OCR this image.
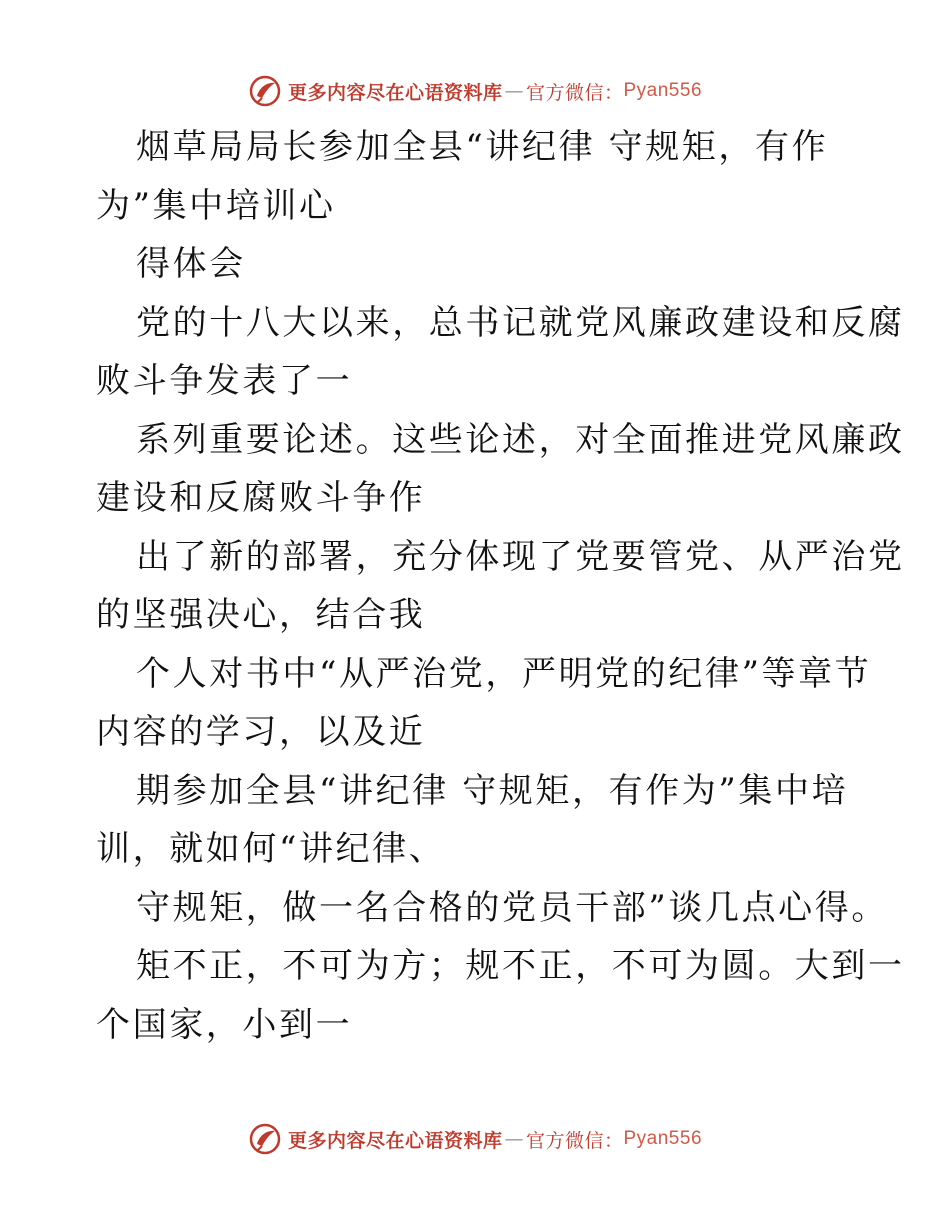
更多内容尽在心语资料库 — 官方微信： Pyan556
烟草局局长参加全县“讲纪律 守规矩，有作
为”集中培训心
得体会
党的十八大以来，总书记就党风廉政建设和反腐
败斗争发表了一
系列重要论述。这些论述，对全面推进党风廉政
建设和反腐败斗争作
出了新的部署，充分体现了党要管党、从严治党
的坚强决心，结合我
个人对书中“从严治党，严明党的纪律”等章节
内容的学习，以及近
期参加全县“讲纪律 守规矩，有作为”集中培
训，就如何“讲纪律、
守规矩，做一名合格的党员干部”谈几点心得。
矩不正，不可为方；规不正，不可为圆。大到一
个国家，小到一
更多内容尽在心语资料库 — 官方微信： Pyan556
